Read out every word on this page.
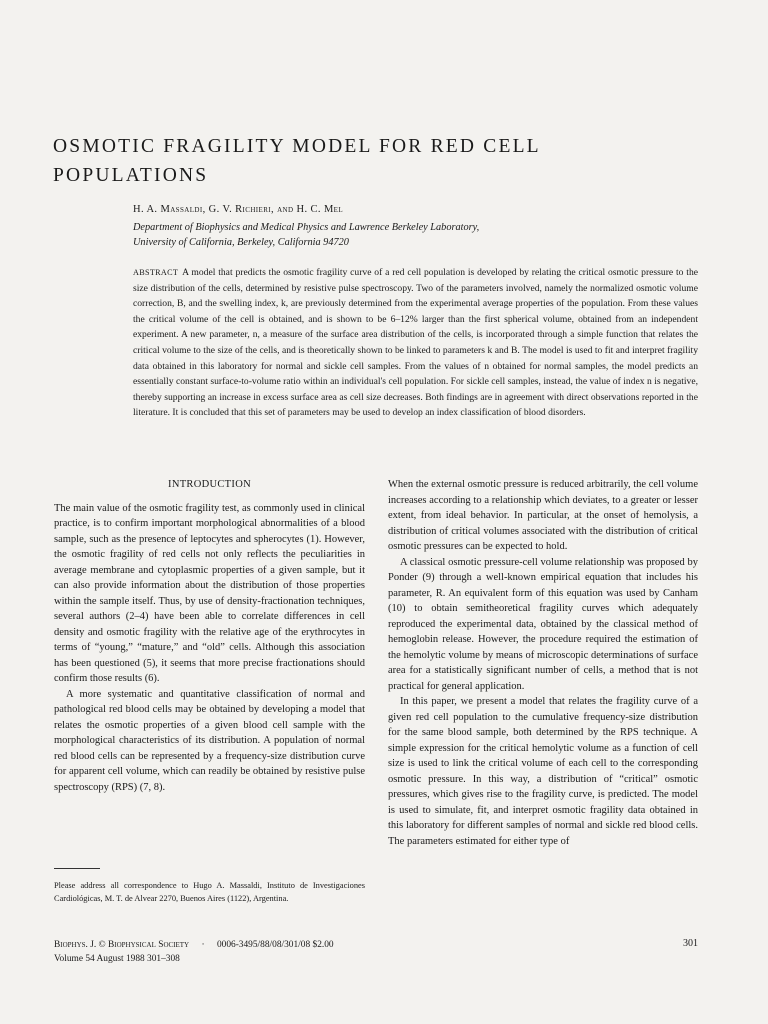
OSMOTIC FRAGILITY MODEL FOR RED CELL
POPULATIONS
H. A. Massaldi, G. V. Richieri, and H. C. Mel
Department of Biophysics and Medical Physics and Lawrence Berkeley Laboratory,
University of California, Berkeley, California 94720
ABSTRACT A model that predicts the osmotic fragility curve of a red cell population is developed by relating the critical osmotic pressure to the size distribution of the cells, determined by resistive pulse spectroscopy. Two of the parameters involved, namely the normalized osmotic volume correction, B, and the swelling index, k, are previously determined from the experimental average properties of the population. From these values the critical volume of the cell is obtained, and is shown to be 6–12% larger than the first spherical volume, obtained from an independent experiment. A new parameter, n, a measure of the surface area distribution of the cells, is incorporated through a simple function that relates the critical volume to the size of the cells, and is theoretically shown to be linked to parameters k and B. The model is used to fit and interpret fragility data obtained in this laboratory for normal and sickle cell samples. From the values of n obtained for normal samples, the model predicts an essentially constant surface-to-volume ratio within an individual's cell population. For sickle cell samples, instead, the value of index n is negative, thereby supporting an increase in excess surface area as cell size decreases. Both findings are in agreement with direct observations reported in the literature. It is concluded that this set of parameters may be used to develop an index classification of blood disorders.
INTRODUCTION

The main value of the osmotic fragility test, as commonly used in clinical practice, is to confirm important morphological abnormalities of a blood sample, such as the presence of leptocytes and spherocytes (1). However, the osmotic fragility of red cells not only reflects the peculiarities in average membrane and cytoplasmic properties of a given sample, but it can also provide information about the distribution of those properties within the sample itself. Thus, by use of density-fractionation techniques, several authors (2–4) have been able to correlate differences in cell density and osmotic fragility with the relative age of the erythrocytes in terms of “young,” “mature,” and “old” cells. Although this association has been questioned (5), it seems that more precise fractionations should confirm those results (6).

A more systematic and quantitative classification of normal and pathological red blood cells may be obtained by developing a model that relates the osmotic properties of a given blood cell sample with the morphological characteristics of its distribution. A population of normal red blood cells can be represented by a frequency-size distribution curve for apparent cell volume, which can readily be obtained by resistive pulse spectroscopy (RPS) (7, 8).

When the external osmotic pressure is reduced arbitrarily, the cell volume increases according to a relationship which deviates, to a greater or lesser extent, from ideal behavior. In particular, at the onset of hemolysis, a distribution of critical volumes associated with the distribution of critical osmotic pressures can be expected to hold.

A classical osmotic pressure-cell volume relationship was proposed by Ponder (9) through a well-known empirical equation that includes his parameter, R. An equivalent form of this equation was used by Canham (10) to obtain semitheoretical fragility curves which adequately reproduced the experimental data, obtained by the classical method of hemoglobin release. However, the procedure required the estimation of the hemolytic volume by means of microscopic determinations of surface area for a statistically significant number of cells, a method that is not practical for general application.

In this paper, we present a model that relates the fragility curve of a given red cell population to the cumulative frequency-size distribution for the same blood sample, both determined by the RPS technique. A simple expression for the critical hemolytic volume as a function of cell size is used to link the critical volume of each cell to the corresponding osmotic pressure. In this way, a distribution of “critical” osmotic pressures, which gives rise to the fragility curve, is predicted. The model is used to simulate, fit, and interpret osmotic fragility data obtained in this laboratory for different samples of normal and sickle red blood cells. The parameters estimated for either type of

Please address all correspondence to Hugo A. Massaldi, Instituto de Investigaciones Cardiológicas, M. T. de Alvear 2270, Buenos Aires (1122), Argentina.
Biophys. J. © Biophysical Society · 0006-3495/88/08/301/08 $2.00
Volume 54 August 1988 301–308
301
